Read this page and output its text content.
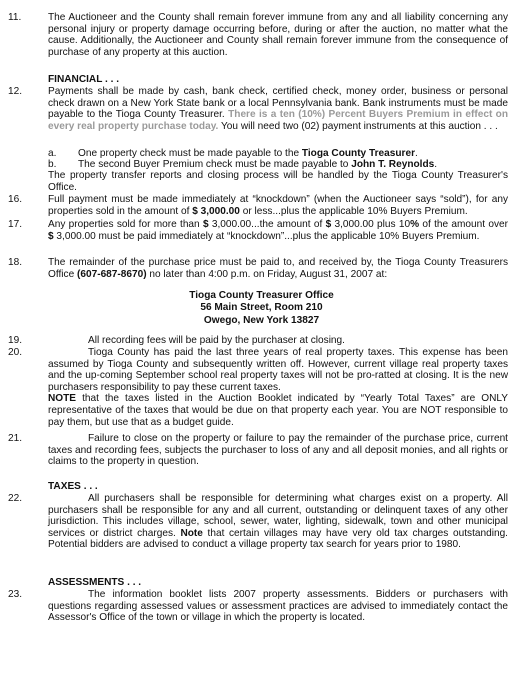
11.	The Auctioneer and the County shall remain forever immune from any and all liability concerning any personal injury or property damage occurring before, during or after the auction, no matter what the cause. Additionally, the Auctioneer and County shall remain forever immune from the consequence of purchase of any property at this auction.
FINANCIAL . . .
12.	Payments shall be made by cash, bank check, certified check, money order, business or personal check drawn on a New York State bank or a local Pennsylvania bank. Bank instruments must be made payable to the Tioga County Treasurer. There is a ten (10%) Percent Buyers Premium in effect on every real property purchase today. You will need two (02) payment instruments at this auction . . .
a. One property check must be made payable to the Tioga County Treasurer.
b. The second Buyer Premium check must be made payable to John T. Reynolds.
The property transfer reports and closing process will be handled by the Tioga County Treasurer's Office.
16.	Full payment must be made immediately at “knockdown” (when the Auctioneer says “sold”), for any properties sold in the amount of $ 3,000.00 or less...plus the applicable 10% Buyers Premium.
17.	Any properties sold for more than $ 3,000.00...the amount of $ 3,000.00 plus 10% of the amount over $ 3,000.00 must be paid immediately at “knockdown”...plus the applicable 10% Buyers Premium.
18.	The remainder of the purchase price must be paid to, and received by, the Tioga County Treasurers Office (607-687-8670) no later than 4:00 p.m. on Friday, August 31, 2007 at:
Tioga County Treasurer Office
56 Main Street, Room 210
Owego, New York 13827
19.	All recording fees will be paid by the purchaser at closing.
20.	Tioga County has paid the last three years of real property taxes. This expense has been assumed by Tioga County and subsequently written off. However, current village real property taxes and the up-coming September school real property taxes will not be pro-ratted at closing. It is the new purchasers responsibility to pay these current taxes.
NOTE that the taxes listed in the Auction Booklet indicated by “Yearly Total Taxes” are ONLY representative of the taxes that would be due on that property each year. You are NOT responsible to pay them, but use that as a budget guide.
21.	Failure to close on the property or failure to pay the remainder of the purchase price, current taxes and recording fees, subjects the purchaser to loss of any and all deposit monies, and all rights or claims to the property in question.
TAXES . . .
22.	All purchasers shall be responsible for determining what charges exist on a property. All purchasers shall be responsible for any and all current, outstanding or delinquent taxes of any other jurisdiction. This includes village, school, sewer, water, lighting, sidewalk, town and other municipal services or district charges. Note that certain villages may have very old tax charges outstanding. Potential bidders are advised to conduct a village property tax search for years prior to 1980.
ASSESSMENTS . . .
23.	The information booklet lists 2007 property assessments. Bidders or purchasers with questions regarding assessed values or assessment practices are advised to immediately contact the Assessor's Office of the town or village in which the property is located.
